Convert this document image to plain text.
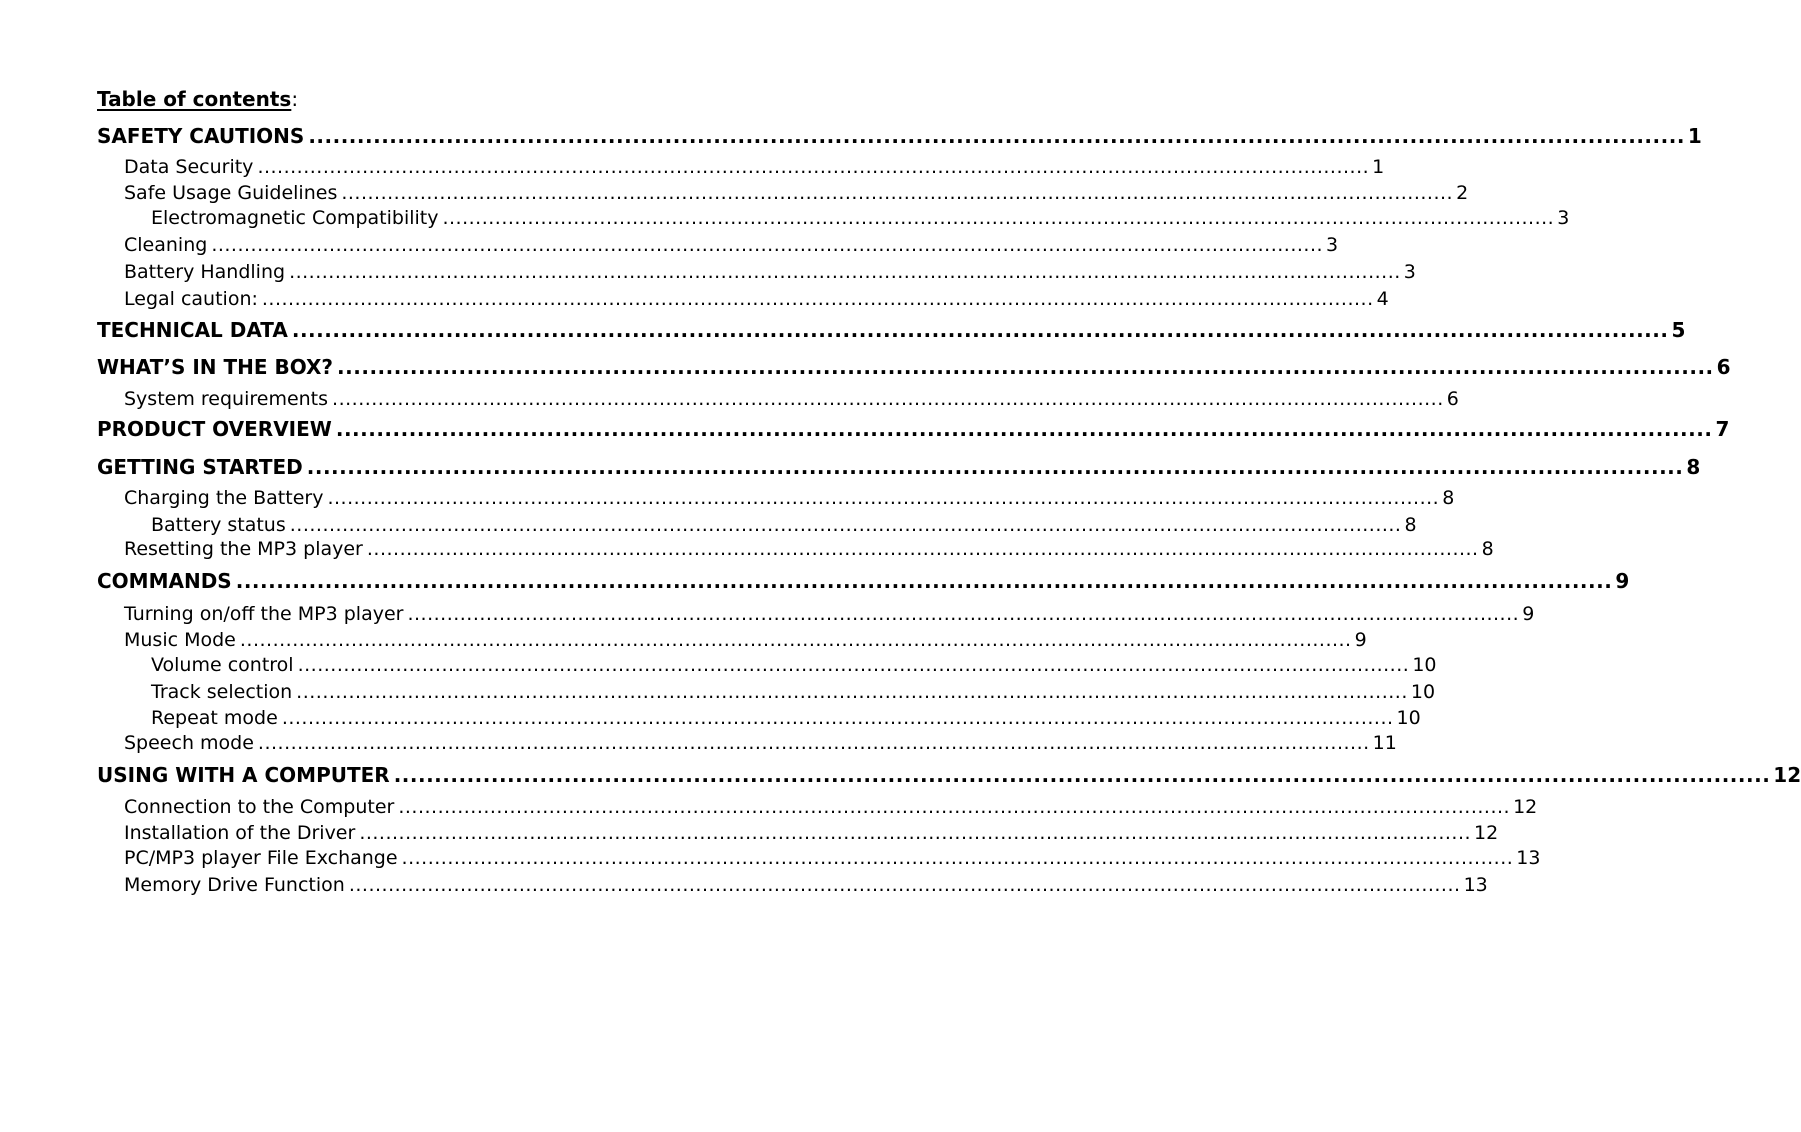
Table of contents:
SAFETY CAUTIONS .......................................................................................................................................................................... 1
Data Security .......................................................................................................................................................................... 1
Safe Usage Guidelines .......................................................................................................................................................................... 2
Electromagnetic Compatibility .......................................................................................................................................................................... 3
Cleaning .......................................................................................................................................................................... 3
Battery Handling .......................................................................................................................................................................... 3
Legal caution: .......................................................................................................................................................................... 4
TECHNICAL DATA .......................................................................................................................................................................... 5
WHAT’S IN THE BOX? .......................................................................................................................................................................... 6
System requirements .......................................................................................................................................................................... 6
PRODUCT OVERVIEW .......................................................................................................................................................................... 7
GETTING STARTED .......................................................................................................................................................................... 8
Charging the Battery .......................................................................................................................................................................... 8
Battery status .......................................................................................................................................................................... 8
Resetting the MP3 player .......................................................................................................................................................................... 8
COMMANDS .......................................................................................................................................................................... 9
Turning on/off the MP3 player .......................................................................................................................................................................... 9
Music Mode .......................................................................................................................................................................... 9
Volume control .......................................................................................................................................................................... 10
Track selection .......................................................................................................................................................................... 10
Repeat mode .......................................................................................................................................................................... 10
Speech mode .......................................................................................................................................................................... 11
USING WITH A COMPUTER .......................................................................................................................................................................... 12
Connection to the Computer .......................................................................................................................................................................... 12
Installation of the Driver .......................................................................................................................................................................... 12
PC/MP3 player File Exchange .......................................................................................................................................................................... 13
Memory Drive Function .......................................................................................................................................................................... 13
